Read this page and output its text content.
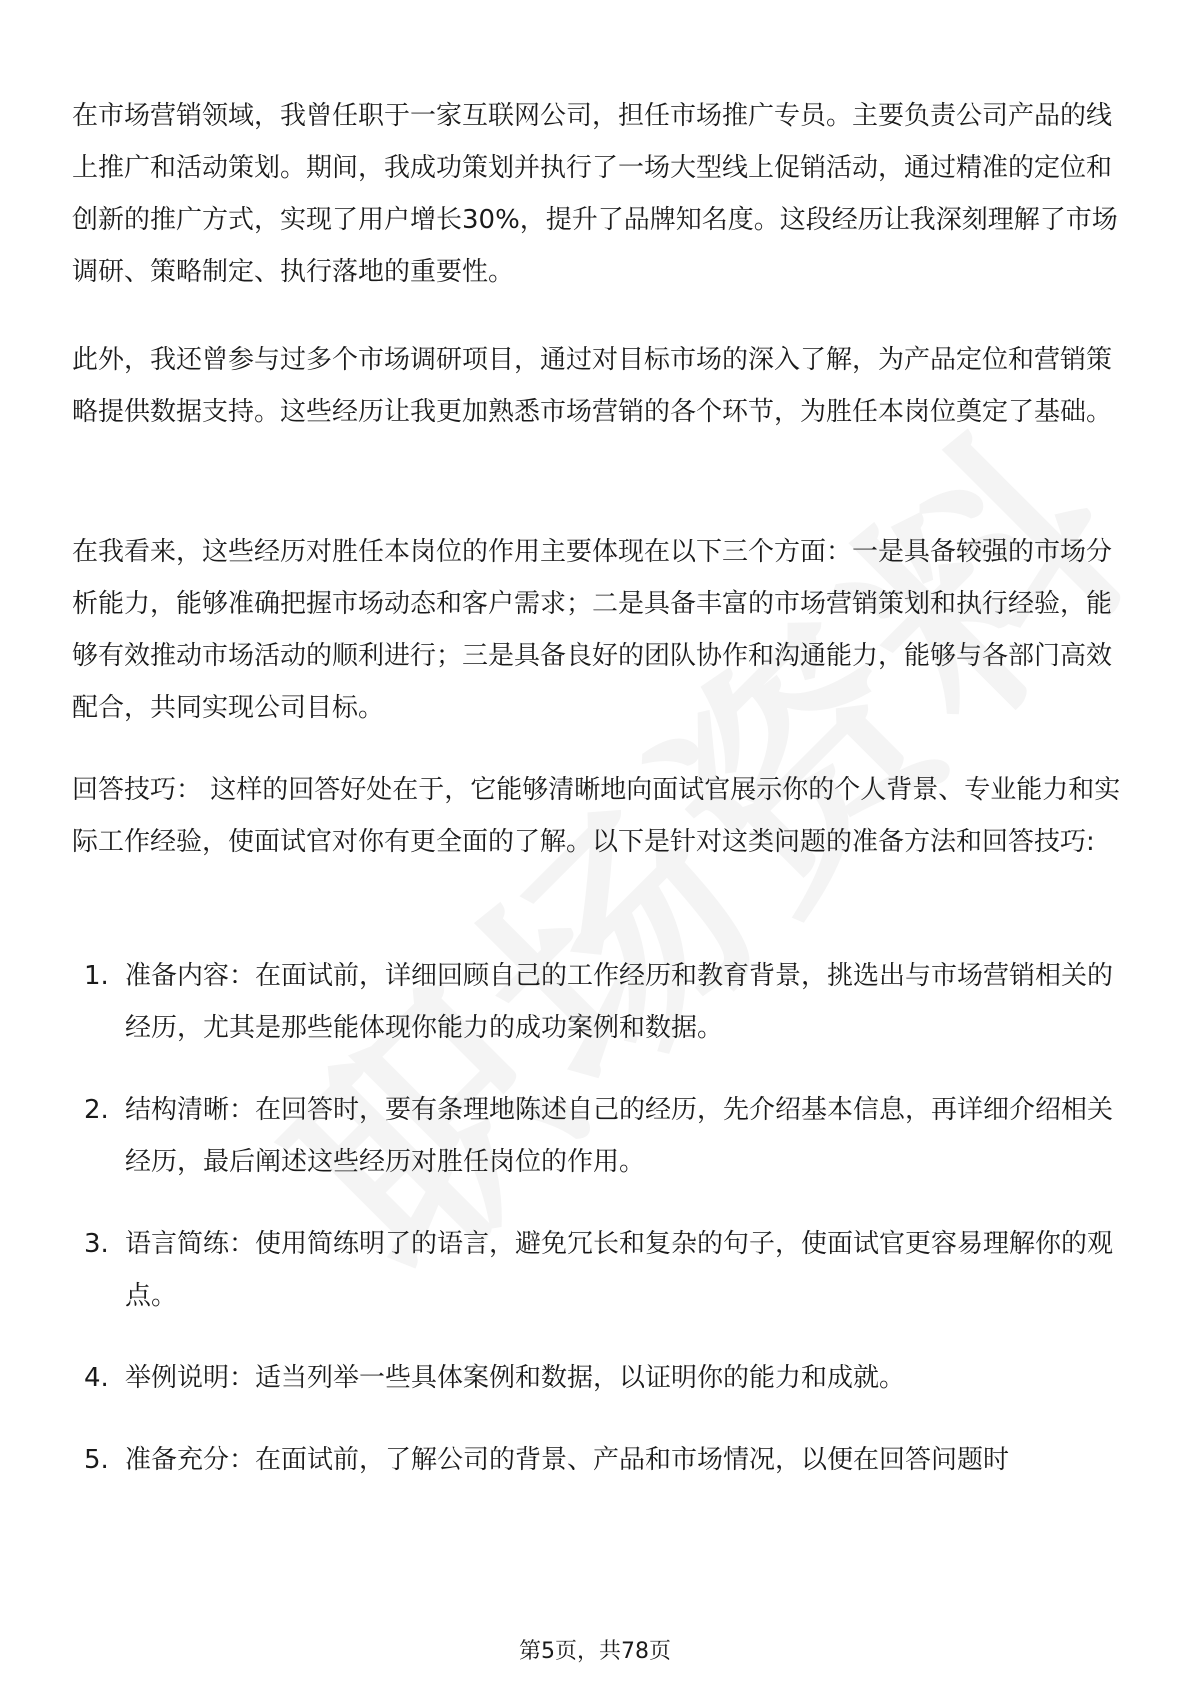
在市场营销领域，我曾任职于一家互联网公司，担任市场推广专员。主要负责公司产品的线上推广和活动策划。期间，我成功策划并执行了一场大型线上促销活动，通过精准的定位和创新的推广方式，实现了用户增长30%，提升了品牌知名度。这段经历让我深刻理解了市场调研、策略制定、执行落地的重要性。

此外，我还曾参与过多个市场调研项目，通过对目标市场的深入了解，为产品定位和营销策略提供数据支持。这些经历让我更加熟悉市场营销的各个环节，为胜任本岗位奠定了基础。

在我看来，这些经历对胜任本岗位的作用主要体现在以下三个方面：一是具备较强的市场分析能力，能够准确把握市场动态和客户需求；二是具备丰富的市场营销策划和执行经验，能够有效推动市场活动的顺利进行；三是具备良好的团队协作和沟通能力，能够与各部门高效配合，共同实现公司目标。

回答技巧： 这样的回答好处在于，它能够清晰地向面试官展示你的个人背景、专业能力和实际工作经验，使面试官对你有更全面的了解。以下是针对这类问题的准备方法和回答技巧:

1. 准备内容：在面试前，详细回顾自己的工作经历和教育背景，挑选出与市场营销相关的经历，尤其是那些能体现你能力的成功案例和数据。
2. 结构清晰：在回答时，要有条理地陈述自己的经历，先介绍基本信息，再详细介绍相关经历，最后阐述这些经历对胜任岗位的作用。
3. 语言简练：使用简练明了的语言，避免冗长和复杂的句子，使面试官更容易理解你的观点。
4. 举例说明：适当列举一些具体案例和数据，以证明你的能力和成就。
5. 准备充分：在面试前，了解公司的背景、产品和市场情况，以便在回答问题时
第5页，共78页
